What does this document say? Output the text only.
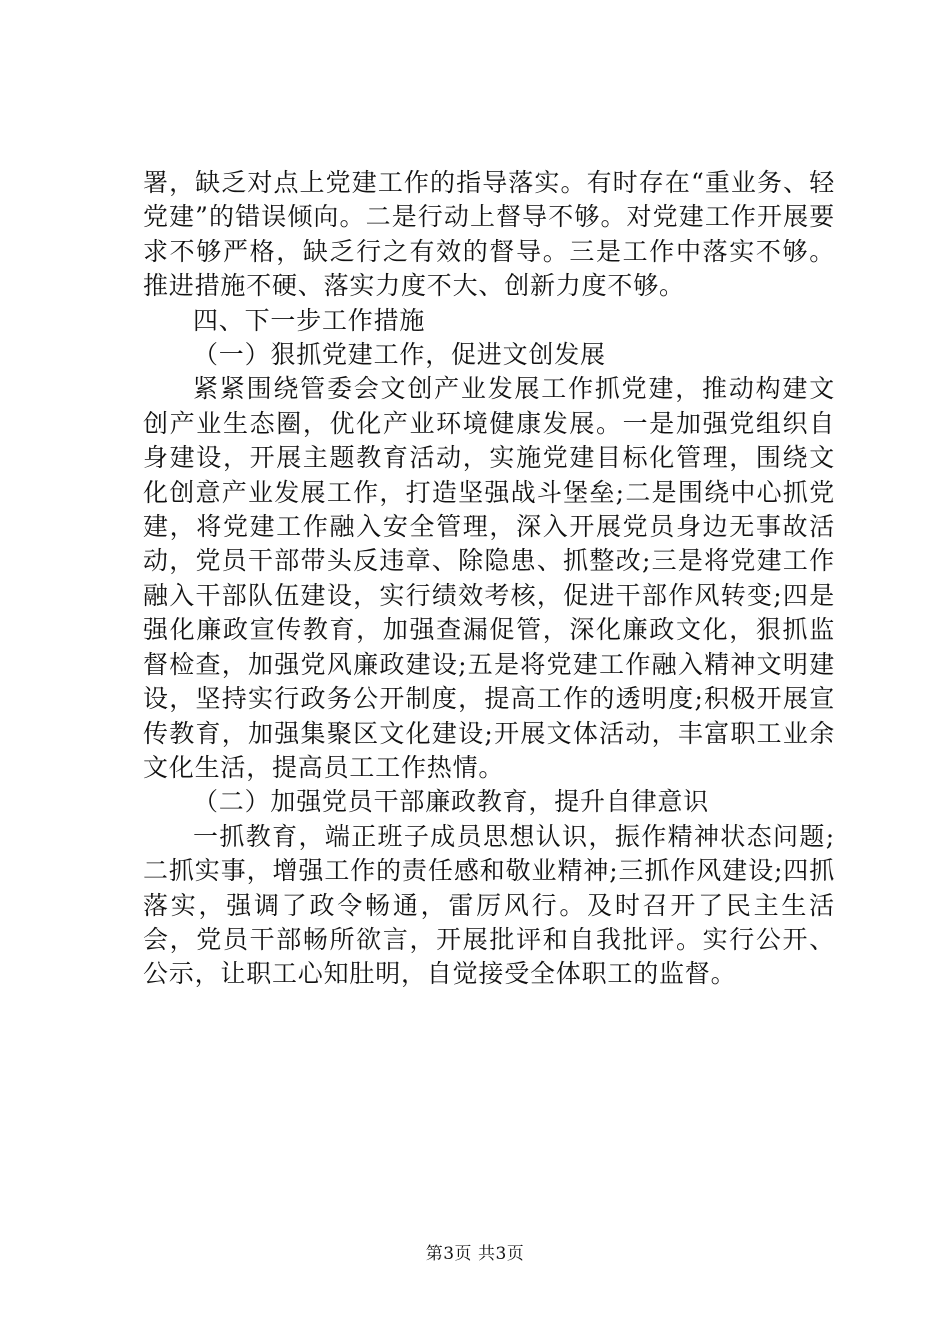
署，缺乏对点上党建工作的指导落实。有时存在“重业务、轻党建”的错误倾向。二是行动上督导不够。对党建工作开展要求不够严格，缺乏行之有效的督导。三是工作中落实不够。推进措施不硬、落实力度不大、创新力度不够。

四、下一步工作措施

（一）狠抓党建工作，促进文创发展

紧紧围绕管委会文创产业发展工作抓党建，推动构建文创产业生态圈，优化产业环境健康发展。一是加强党组织自身建设，开展主题教育活动，实施党建目标化管理，围绕文化创意产业发展工作，打造坚强战斗堡垒;二是围绕中心抓党建，将党建工作融入安全管理，深入开展党员身边无事故活动，党员干部带头反违章、除隐患、抓整改;三是将党建工作融入干部队伍建设，实行绩效考核，促进干部作风转变;四是强化廉政宣传教育，加强查漏促管，深化廉政文化，狠抓监督检查，加强党风廉政建设;五是将党建工作融入精神文明建设，坚持实行政务公开制度，提高工作的透明度;积极开展宣传教育，加强集聚区文化建设;开展文体活动，丰富职工业余文化生活，提高员工工作热情。

（二）加强党员干部廉政教育，提升自律意识

一抓教育，端正班子成员思想认识，振作精神状态问题;二抓实事，增强工作的责任感和敬业精神;三抓作风建设;四抓落实，强调了政令畅通，雷厉风行。及时召开了民主生活会，党员干部畅所欲言，开展批评和自我批评。实行公开、公示，让职工心知肚明，自觉接受全体职工的监督。

第3页 共3页
